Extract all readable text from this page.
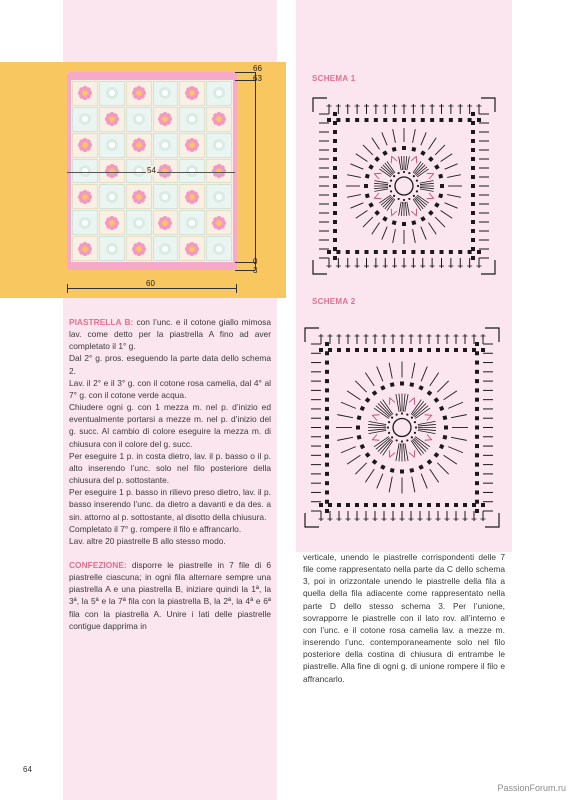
66
63
54
0
3
60
SCHEMA 1
SCHEMA 2

PIASTRELLA B: con l’unc. e il cotone giallo mimosa lav. come detto per la piastrella A fino ad aver completato il 1° g.

Dal 2° g. pros. eseguendo la parte data dello schema 2.

Lav. il 2° e il 3° g. con il cotone rosa camelia, dal 4° al 7° g. con il cotone verde acqua.

Chiudere ogni g. con 1 mezza m. nel p. d’inizio ed eventualmente portarsi a mezze m. nel p. d’inizio del g. succ. Al cambio di colore eseguire la mezza m. di chiusura con il colore del g. succ.

Per eseguire 1 p. in costa dietro, lav. il p. basso o il p. alto inserendo l’unc. solo nel filo posteriore della chiusura del p. sottostante.

Per eseguire 1 p. basso in rilievo preso dietro, lav. il p. basso inserendo l’unc. da dietro a davanti e da des. a sin. attorno al p. sottostante, al disotto della chiusura.

Completato il 7° g. rompere il filo e affrancarlo.

Lav. altre 20 piastrelle B allo stesso modo.

CONFEZIONE: disporre le piastrelle in 7 file di 6 piastrelle ciascuna; in ogni fila alternare sempre una piastrella A e una piastrella B, iniziare quindi la 1ª, la 3ª, la 5ª e la 7ª fila con la piastrella B, la 2ª, la 4ª e 6ª fila con la piastrella A. Unire i lati delle piastrelle contigue dapprima in

verticale, unendo le piastrelle corrispondenti delle 7 file come rappresentato nella parte da C dello schema 3, poi in orizzontale unendo le piastrelle della fila a quella della fila adiacente come rappresentato nella parte D dello stesso schema 3. Per l’unione, sovrapporre le piastrelle con il lato rov. all’interno e con l’unc. e il cotone rosa camelia lav. a mezze m. inserendo l’unc. contemporaneamente solo nel filo posteriore della costina di chiusura di entrambe le piastrelle. Alla fine di ogni g. di unione rompere il filo e affrancarlo.

64
PassionForum.ru
